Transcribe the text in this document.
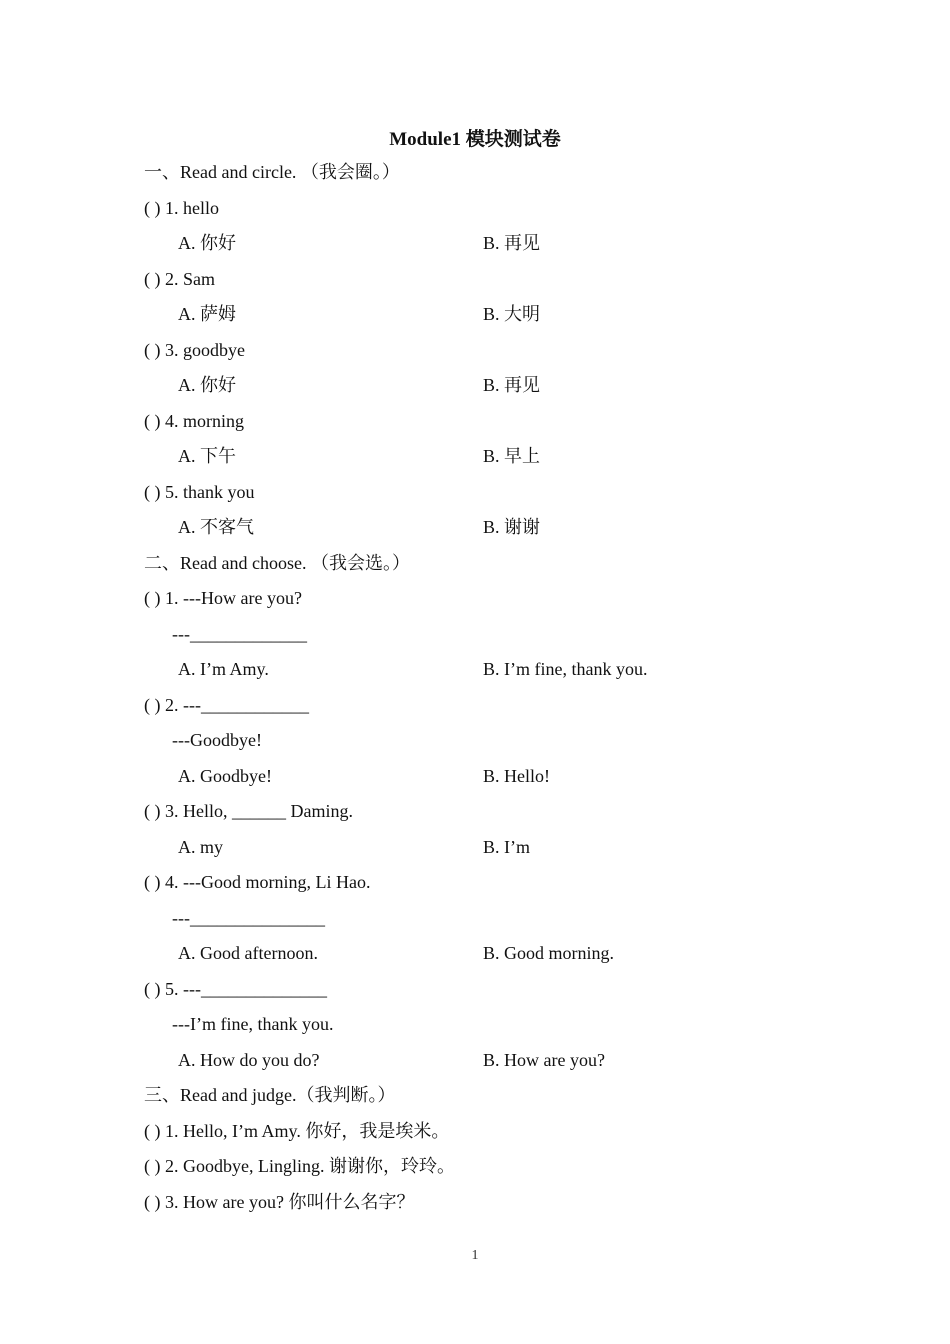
Module1 模块测试卷
一、Read and circle. （我会圈。）
( ) 1. hello
A. 你好	B. 再见
( ) 2. Sam
A. 萨姆	B. 大明
( ) 3. goodbye
A. 你好	B. 再见
( ) 4. morning
A. 下午	B. 早上
( ) 5. thank you
A. 不客气	B. 谢谢
二、Read and choose. （我会选。）
( ) 1. ---How are you?
---_____________
A. I’m Amy.	B. I’m fine, thank you.
( ) 2. ---____________
---Goodbye!
A. Goodbye!	B. Hello!
( ) 3. Hello, ______ Daming.
A. my	B. I’m
( ) 4. ---Good morning, Li Hao.
---_______________
A. Good afternoon.	B. Good morning.
( ) 5. ---______________
---I’m fine, thank you.
A. How do you do?	B. How are you?
三、Read and judge.（我判断。）
( ) 1. Hello, I’m Amy. 你好，我是埃米。
( ) 2. Goodbye, Lingling. 谢谢你，玲玲。
( ) 3. How are you? 你叫什么名字？
1
